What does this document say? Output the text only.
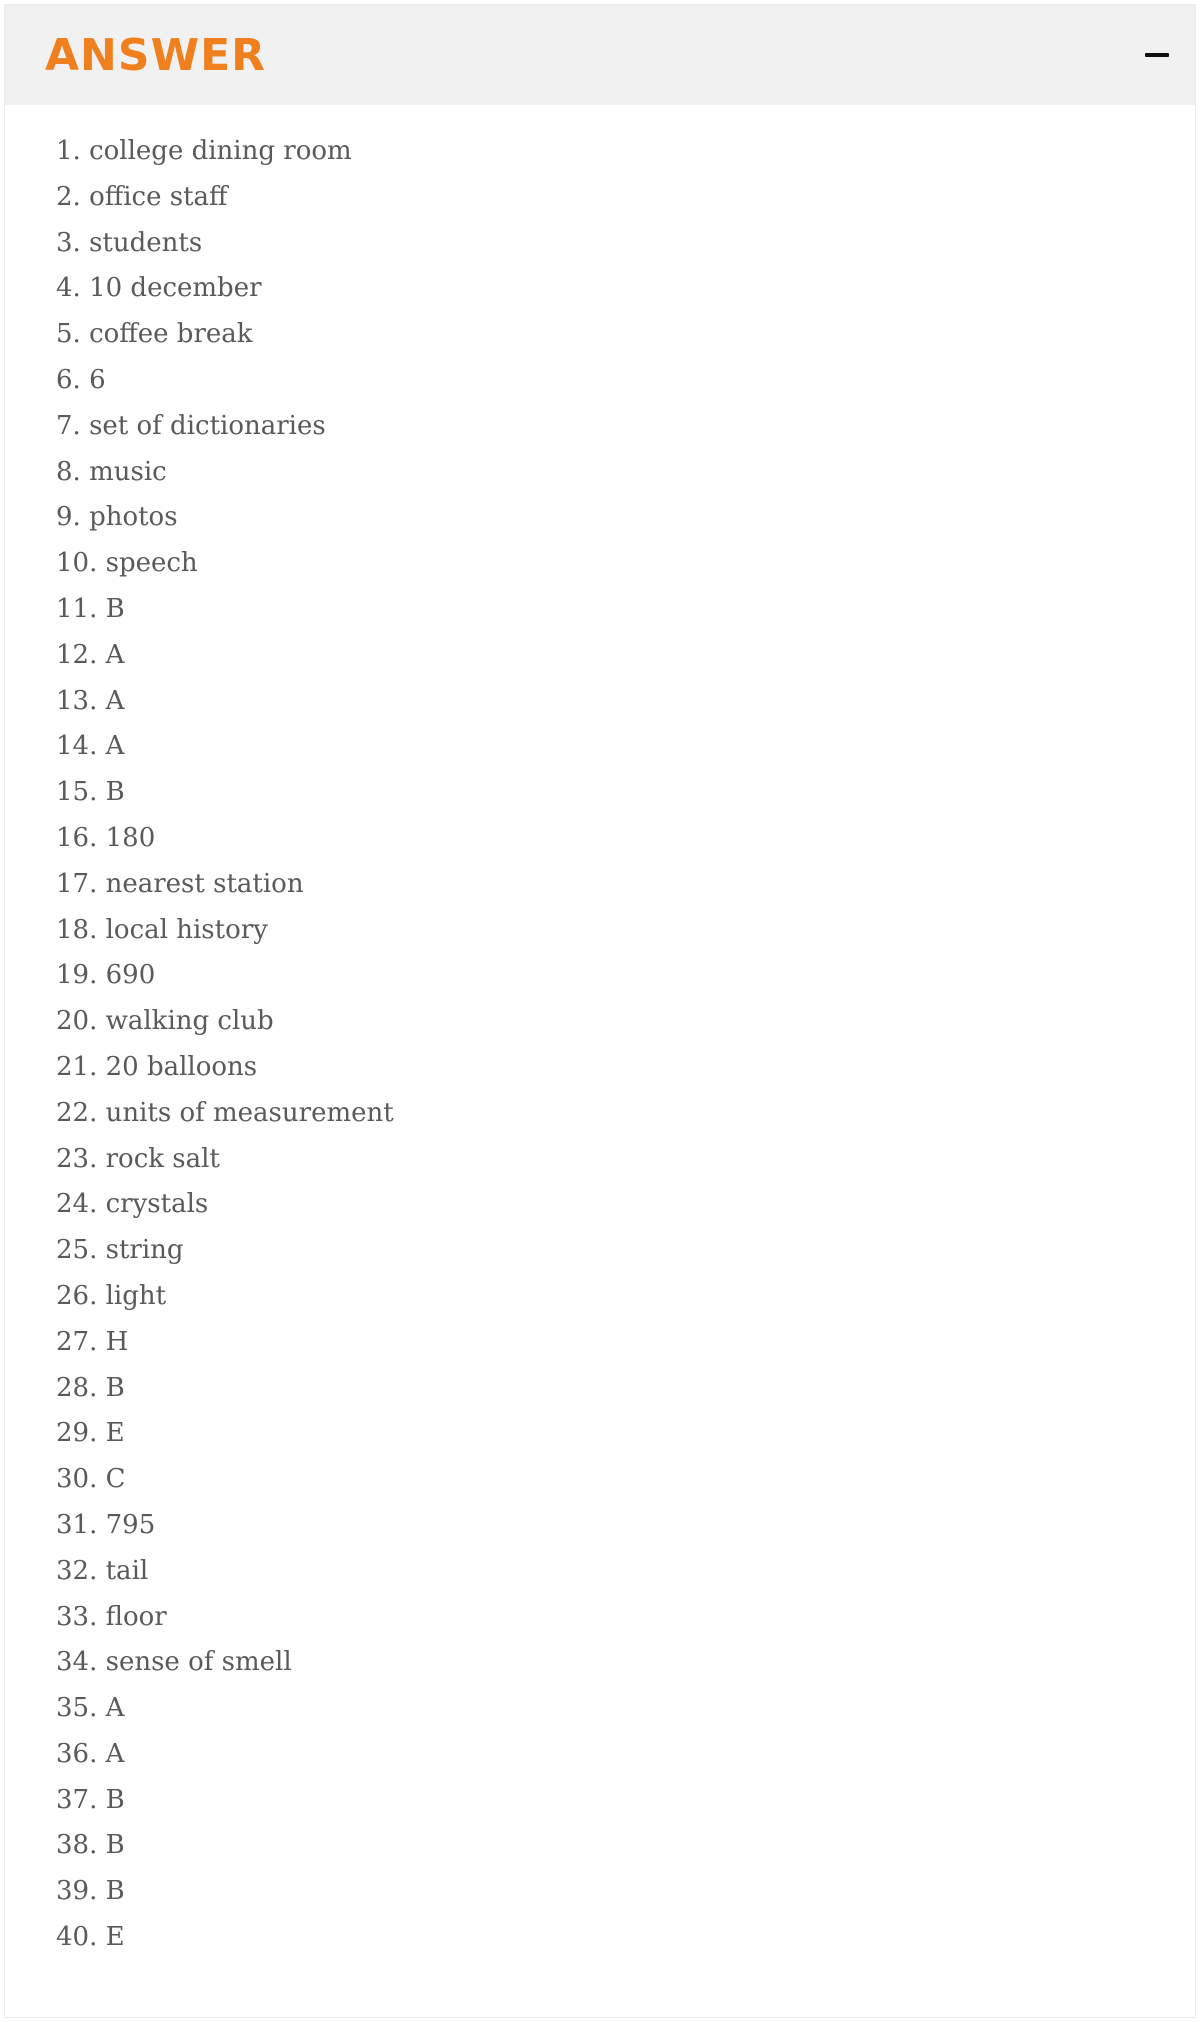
ANSWER
1. college dining room
2. office staff
3. students
4. 10 december
5. coffee break
6. 6
7. set of dictionaries
8. music
9. photos
10. speech
11. B
12. A
13. A
14. A
15. B
16. 180
17. nearest station
18. local history
19. 690
20. walking club
21. 20 balloons
22. units of measurement
23. rock salt
24. crystals
25. string
26. light
27. H
28. B
29. E
30. C
31. 795
32. tail
33. floor
34. sense of smell
35. A
36. A
37. B
38. B
39. B
40. E
